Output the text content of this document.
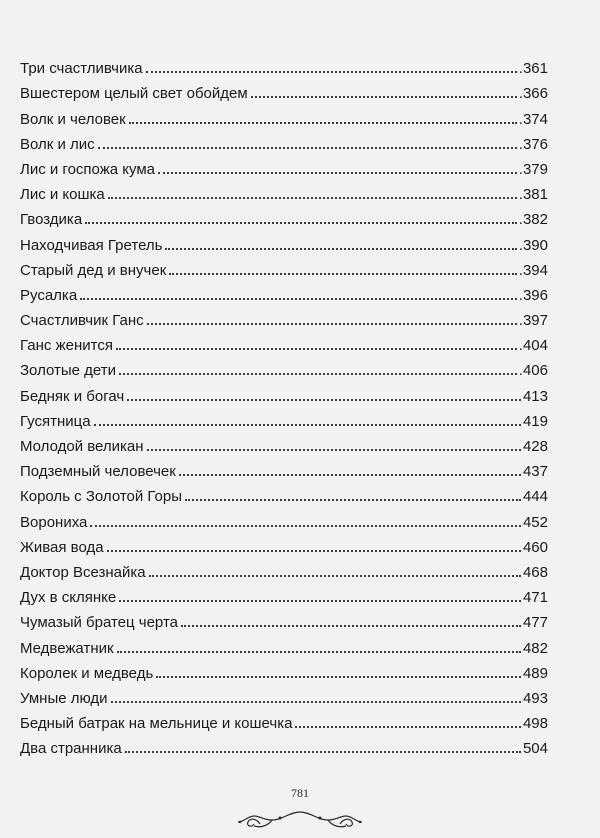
Три счастливчика	.361
Вшестером целый свет обойдем	.366
Волк и человек	.374
Волк и лис	.376
Лис и госпожа кума	.379
Лис и кошка	.381
Гвоздика	.382
Находчивая Гретель	.390
Старый дед и внучек	.394
Русалка	.396
Счастливчик Ганс	.397
Ганс женится	.404
Золотые дети	.406
Бедняк и богач	413
Гусятница	419
Молодой великан	428
Подземный человечек	437
Король с Золотой Горы	444
Ворониха	452
Живая вода	460
Доктор Всезнайка	468
Дух в склянке	471
Чумазый братец черта	477
Медвежатник	482
Королек и медведь	489
Умные люди	493
Бедный батрак на мельнице и кошечка	498
Два странника	504
781
